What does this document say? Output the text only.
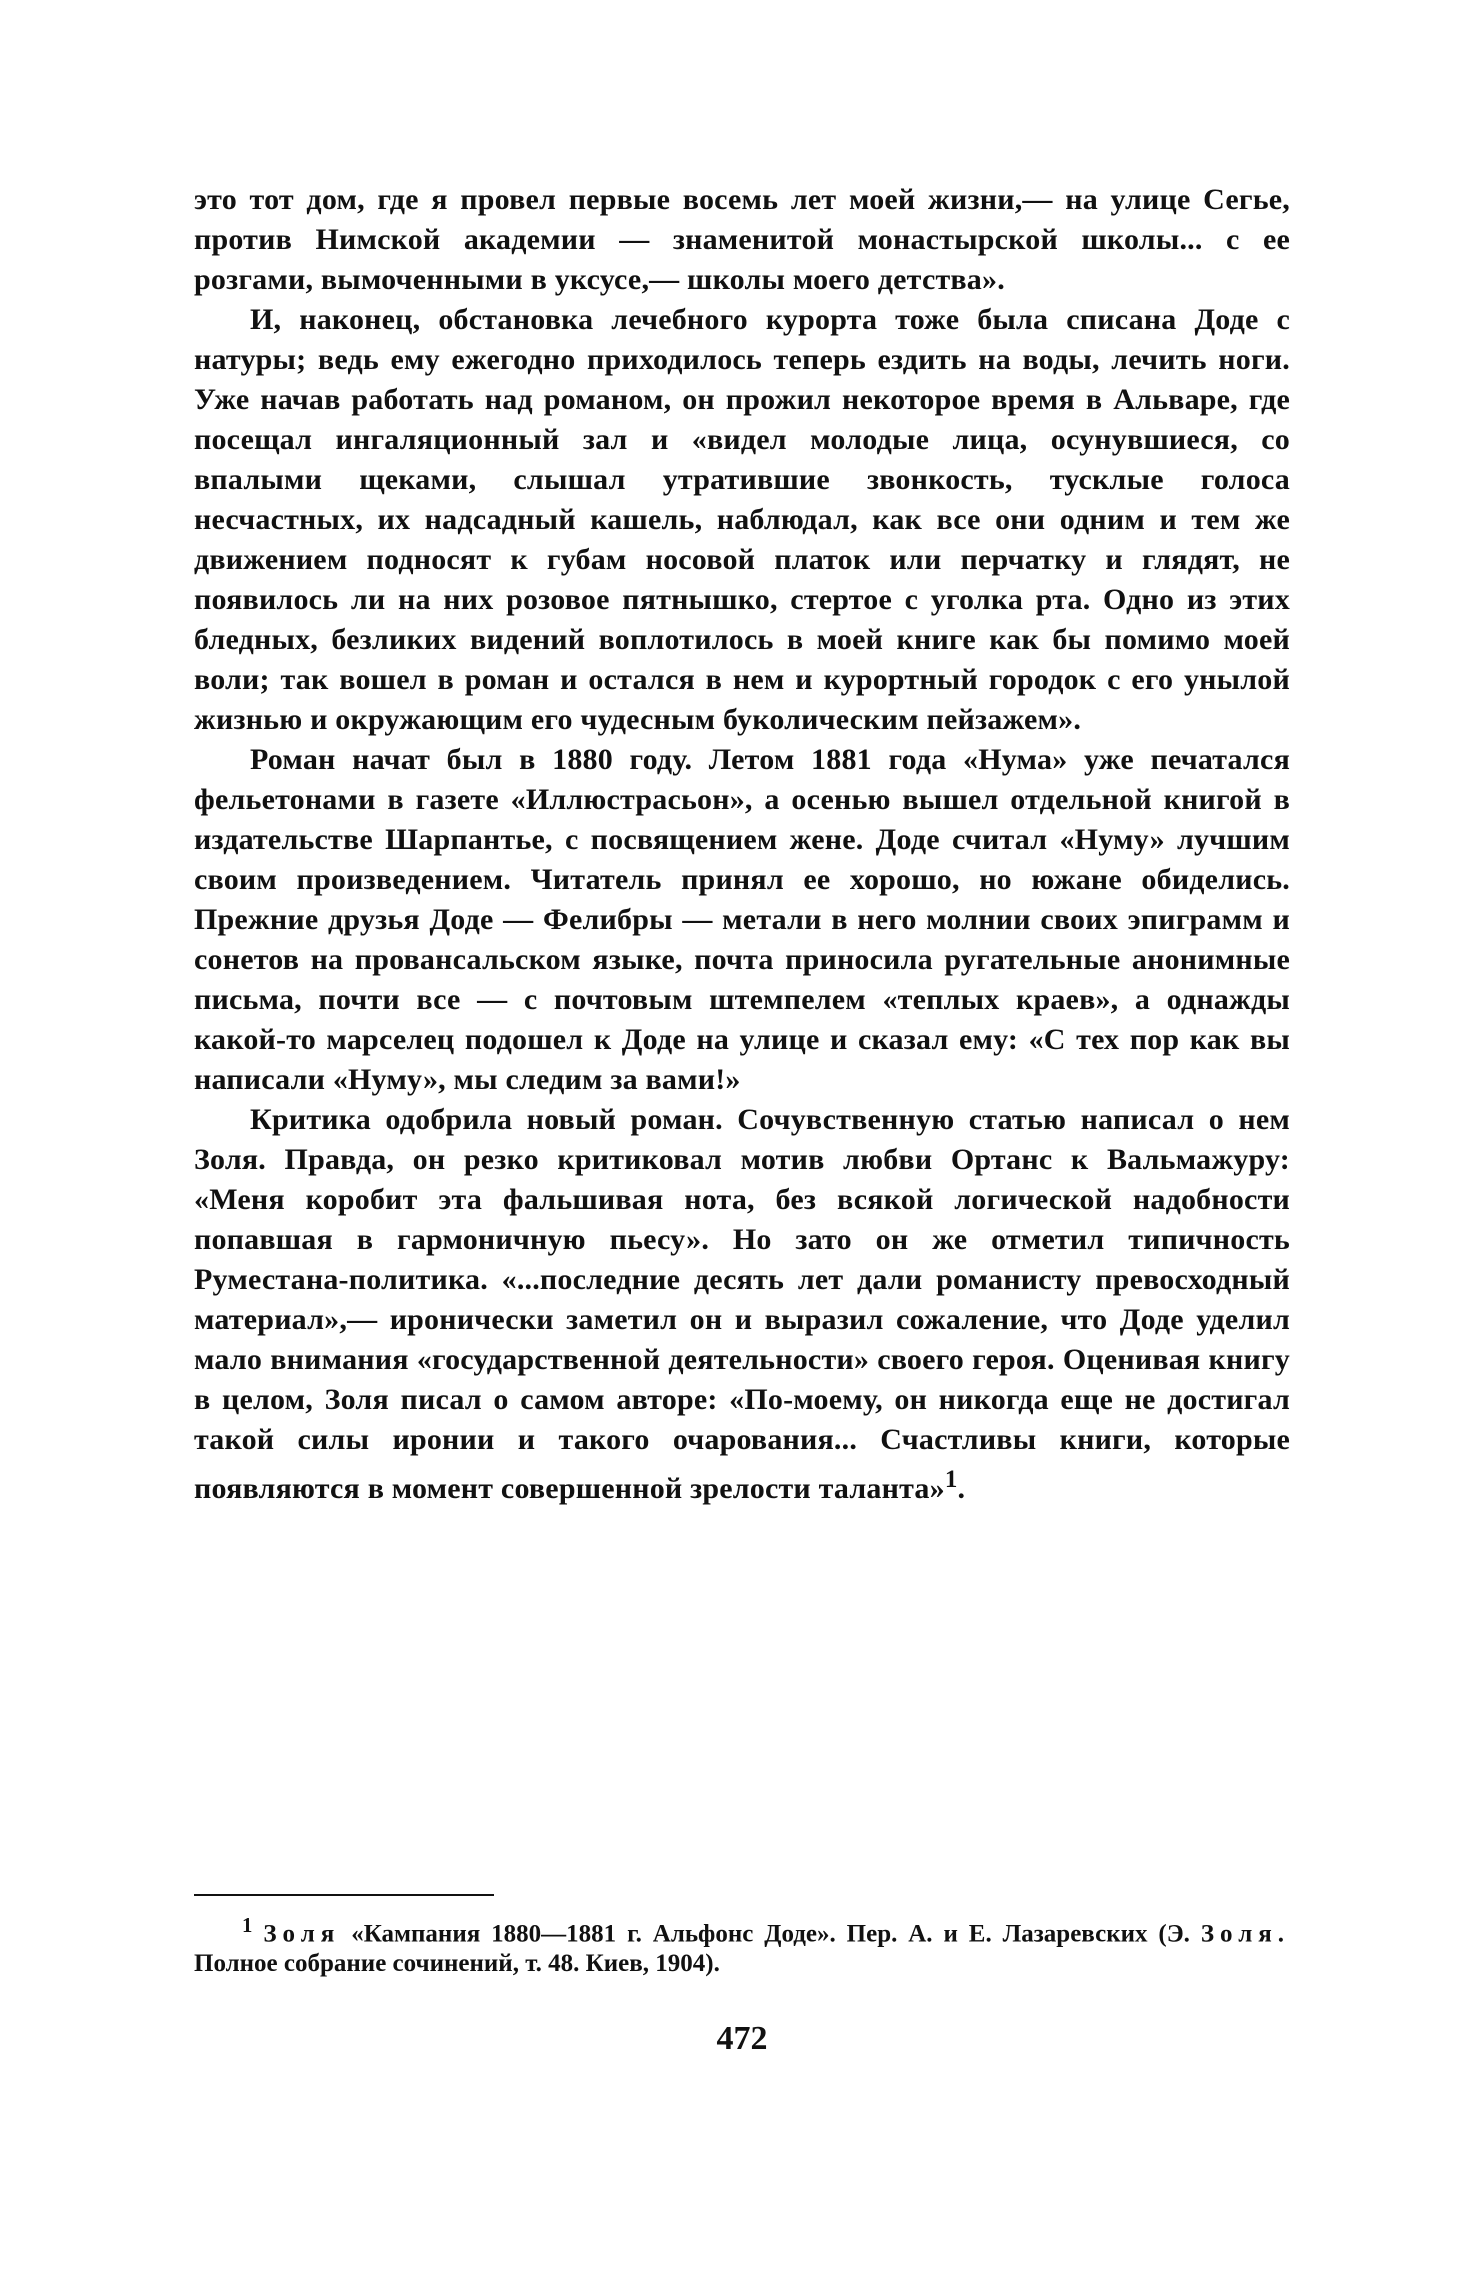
это тот дом, где я провел первые восемь лет моей жизни,— на улице Сегье, против Нимской академии — знаменитой монастырской школы... с ее розгами, вымоченными в уксусе,— школы моего детства».

И, наконец, обстановка лечебного курорта тоже была списана Доде с натуры; ведь ему ежегодно приходилось теперь ездить на воды, лечить ноги. Уже начав работать над романом, он прожил некоторое время в Альваре, где посещал ингаляционный зал и «видел молодые лица, осунувшиеся, со впалыми щеками, слышал утратившие звонкость, тусклые голоса несчастных, их надсадный кашель, наблюдал, как все они одним и тем же движением подносят к губам носовой платок или перчатку и глядят, не появилось ли на них розовое пятнышко, стертое с уголка рта. Одно из этих бледных, безликих видений воплотилось в моей книге как бы помимо моей воли; так вошел в роман и остался в нем и курортный городок с его унылой жизнью и окружающим его чудесным буколическим пейзажем».

Роман начат был в 1880 году. Летом 1881 года «Нума» уже печатался фельетонами в газете «Иллюстрасьон», а осенью вышел отдельной книгой в издательстве Шарпантье, с посвящением жене. Доде считал «Нуму» лучшим своим произведением. Читатель принял ее хорошо, но южане обиделись. Прежние друзья Доде — Фелибры — метали в него молнии своих эпиграмм и сонетов на провансальском языке, почта приносила ругательные анонимные письма, почти все — с почтовым штемпелем «теплых краев», а однажды какой-то марселец подошел к Доде на улице и сказал ему: «С тех пор как вы написали «Нуму», мы следим за вами!»

Критика одобрила новый роман. Сочувственную статью написал о нем Золя. Правда, он резко критиковал мотив любви Ортанс к Вальмажуру: «Меня коробит эта фальшивая нота, без всякой логической надобности попавшая в гармоничную пьесу». Но зато он же отметил типичность Руместана-политика. «...последние десять лет дали романисту превосходный материал»,— иронически заметил он и выразил сожаление, что Доде уделил мало внимания «государственной деятельности» своего героя. Оценивая книгу в целом, Золя писал о самом авторе: «По-моему, он никогда еще не достигал такой силы иронии и такого очарования... Счастливы книги, которые появляются в момент совершенной зрелости таланта»$^1$.

$^1$ Золя «Кампания 1880—1881 г. Альфонс Доде». Пер. А. и Е. Лазаревских (Э. Золя. Полное собрание сочинений, т. 48. Киев, 1904).

472
